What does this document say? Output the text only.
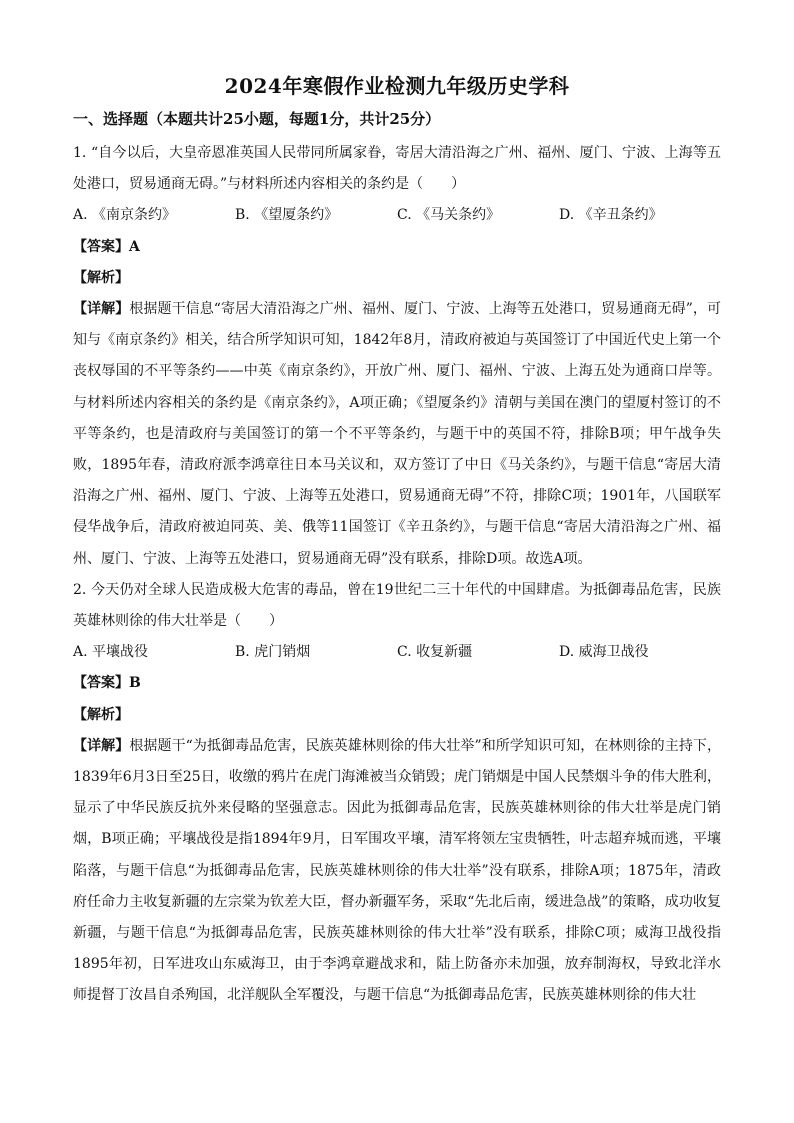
2024年寒假作业检测九年级历史学科
一、选择题（本题共计25小题，每题1分，共计25分）

1. “自今以后，大皇帝恩准英国人民带同所属家眷，寄居大清沿海之广州、福州、厦门、宁波、上海等五处港口，贸易通商无碍。”与材料所述内容相关的条约是（　　）

A. 《南京条约》	B. 《望厦条约》	C. 《马关条约》	D. 《辛丑条约》

【答案】A

【解析】

【详解】根据题干信息“寄居大清沿海之广州、福州、厦门、宁波、上海等五处港口，贸易通商无碍”，可知与《南京条约》相关，结合所学知识可知，1842年8月，清政府被迫与英国签订了中国近代史上第一个丧权辱国的不平等条约——中英《南京条约》，开放广州、厦门、福州、宁波、上海五处为通商口岸等。与材料所述内容相关的条约是《南京条约》，A项正确；《望厦条约》清朝与美国在澳门的望厦村签订的不平等条约，也是清政府与美国签订的第一个不平等条约，与题干中的英国不符，排除B项；甲午战争失败，1895年春，清政府派李鸿章往日本马关议和，双方签订了中日《马关条约》，与题干信息“寄居大清沿海之广州、福州、厦门、宁波、上海等五处港口，贸易通商无碍”不符，排除C项；1901年，八国联军侵华战争后，清政府被迫同英、美、俄等11国签订《辛丑条约》，与题干信息“寄居大清沿海之广州、福州、厦门、宁波、上海等五处港口，贸易通商无碍”没有联系，排除D项。故选A项。

2. 今天仍对全球人民造成极大危害的毒品，曾在19世纪二三十年代的中国肆虐。为抵御毒品危害，民族英雄林则徐的伟大壮举是（　　）

A. 平壤战役	B. 虎门销烟	C. 收复新疆	D. 威海卫战役

【答案】B

【解析】

【详解】根据题干“为抵御毒品危害，民族英雄林则徐的伟大壮举”和所学知识可知，在林则徐的主持下，1839年6月3日至25日，收缴的鸦片在虎门海滩被当众销毁；虎门销烟是中国人民禁烟斗争的伟大胜利，显示了中华民族反抗外来侵略的坚强意志。因此为抵御毒品危害，民族英雄林则徐的伟大壮举是虎门销烟，B项正确；平壤战役是指1894年9月，日军围攻平壤，清军将领左宝贵牺牲，叶志超弃城而逃，平壤陷落，与题干信息“为抵御毒品危害，民族英雄林则徐的伟大壮举”没有联系，排除A项；1875年，清政府任命力主收复新疆的左宗棠为钦差大臣，督办新疆军务，采取“先北后南，缓进急战”的策略，成功收复新疆，与题干信息“为抵御毒品危害，民族英雄林则徐的伟大壮举”没有联系，排除C项；威海卫战役指1895年初，日军进攻山东威海卫，由于李鸿章避战求和，陆上防备亦未加强，放弃制海权，导致北洋水师提督丁汝昌自杀殉国，北洋舰队全军覆没，与题干信息“为抵御毒品危害，民族英雄林则徐的伟大壮
